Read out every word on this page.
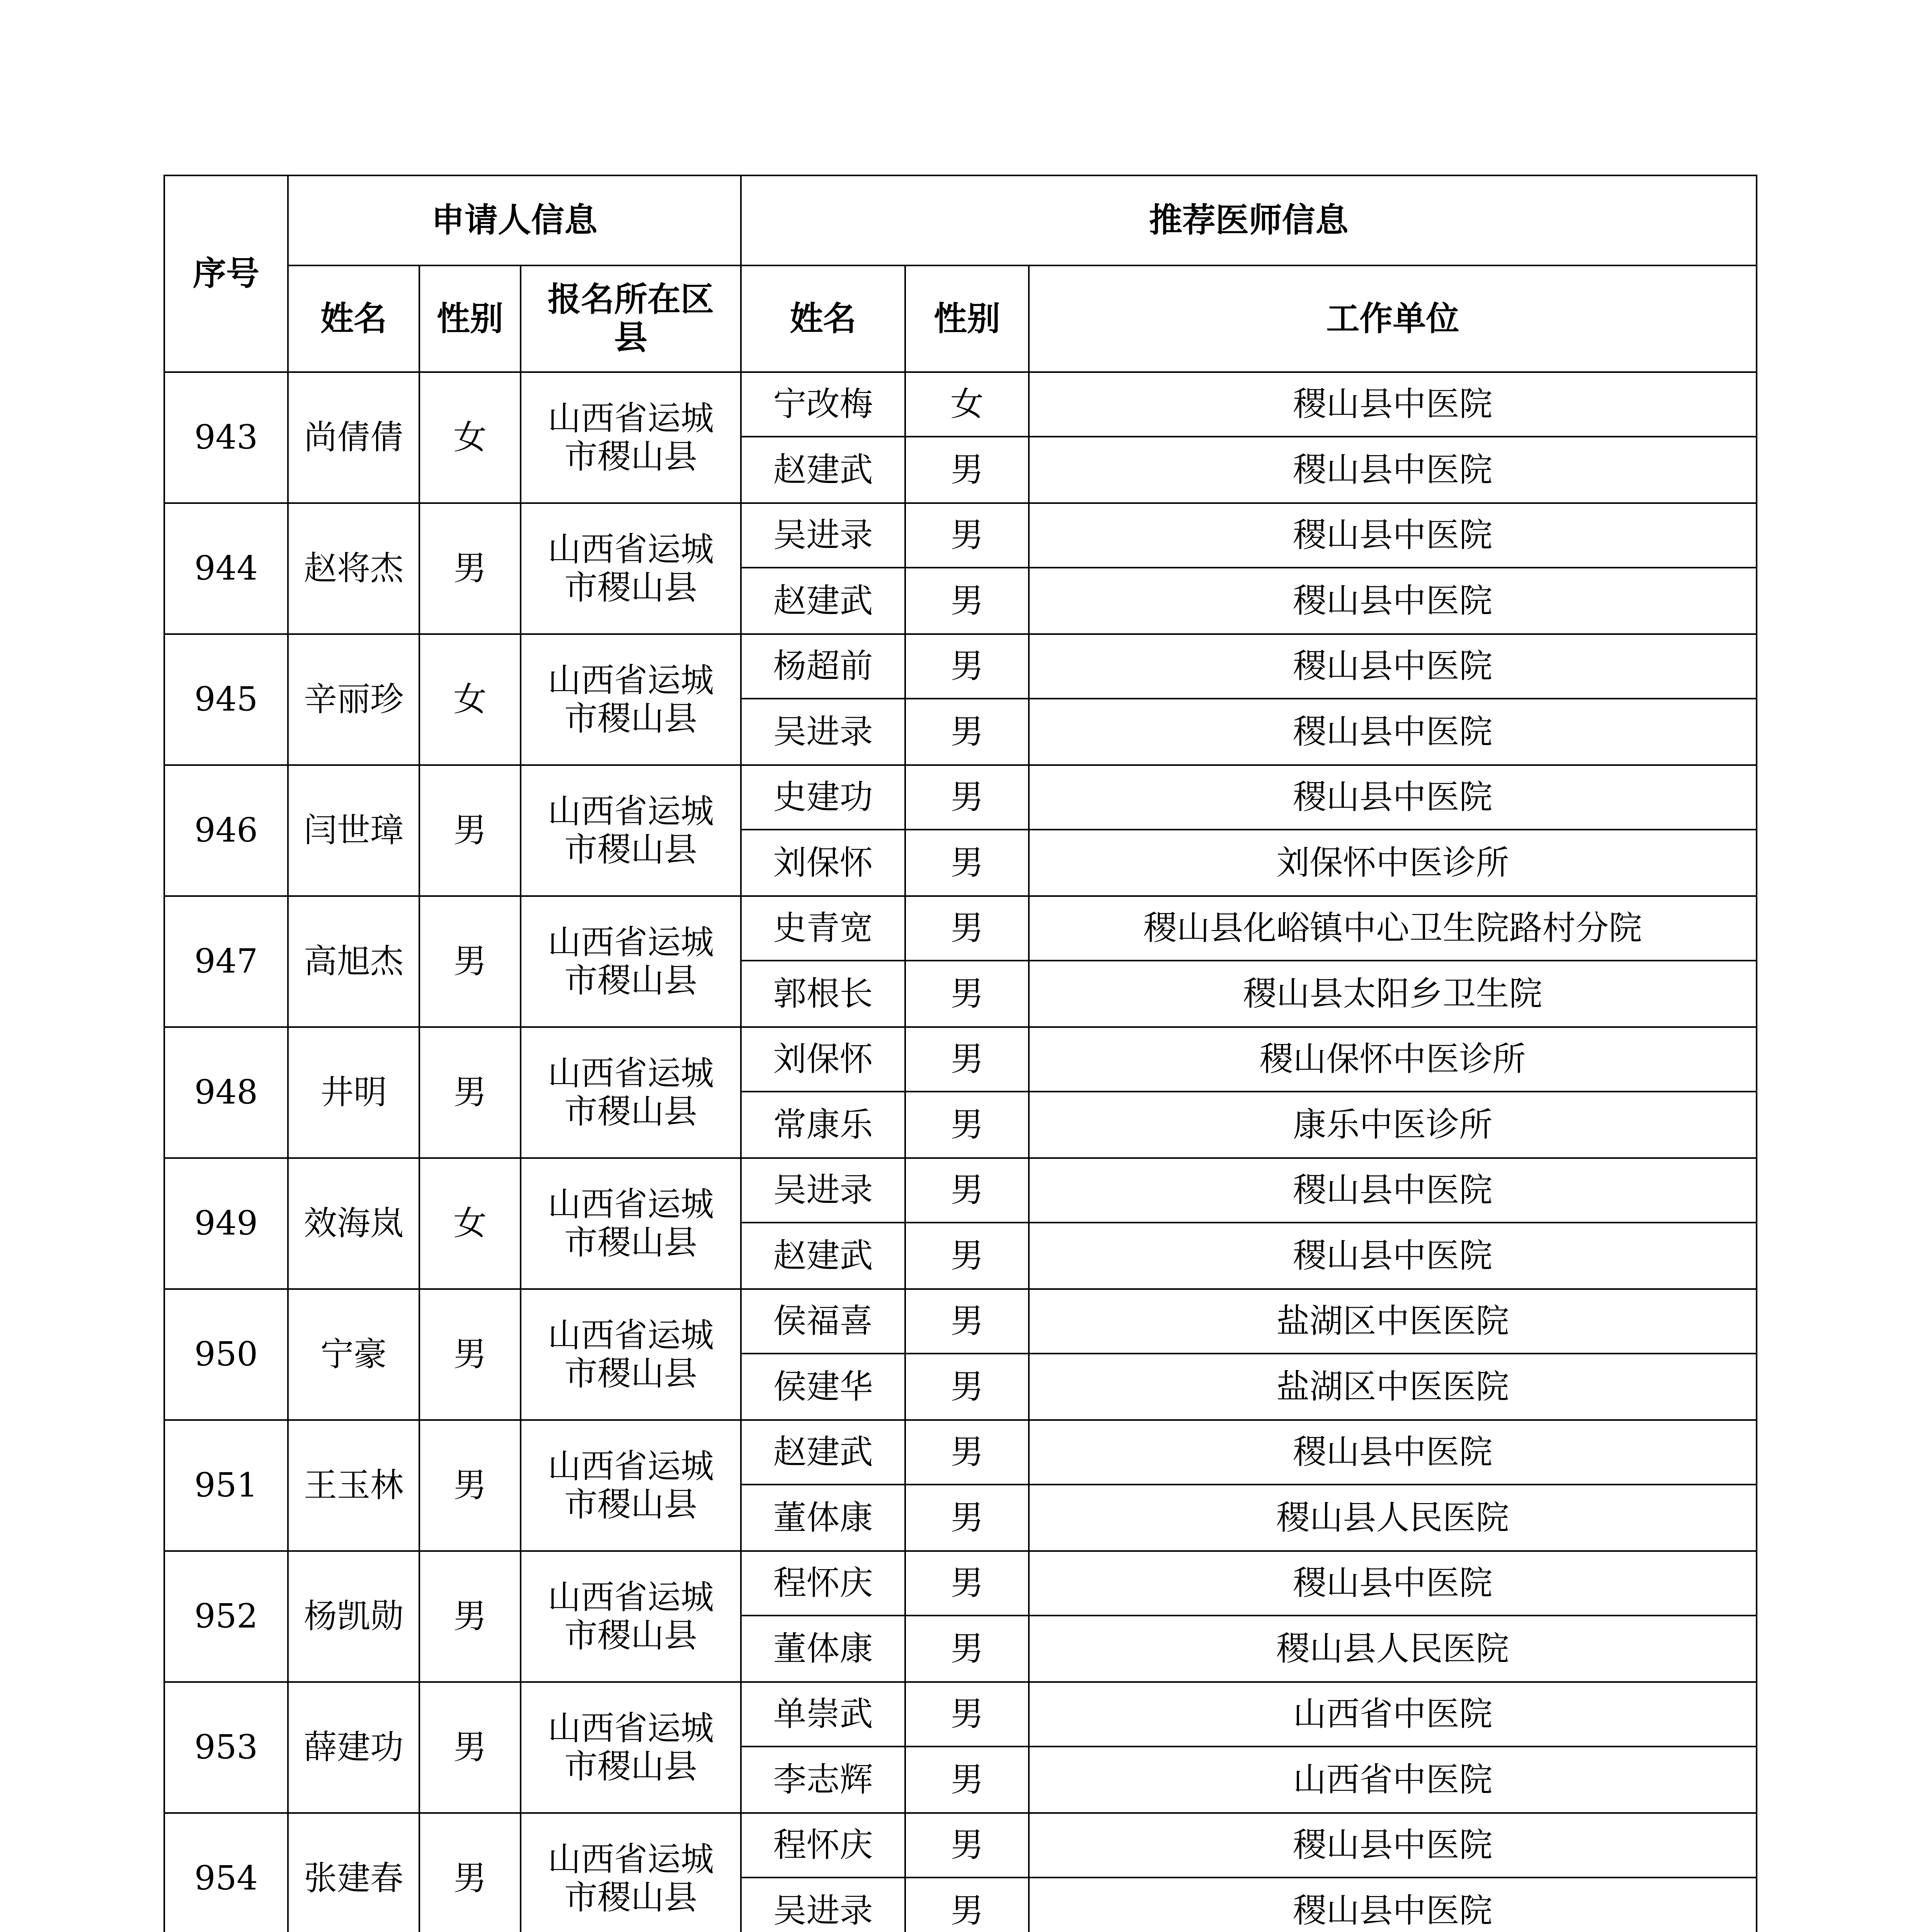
序号	申请人信息			推荐医师信息		
	姓名	性别	报名所在区县	姓名	性别	工作单位
943	尚倩倩	女	山西省运城市稷山县	宁改梅	女	稷山县中医院
				赵建武	男	稷山县中医院
944	赵将杰	男	山西省运城市稷山县	吴进录	男	稷山县中医院
				赵建武	男	稷山县中医院
945	辛丽珍	女	山西省运城市稷山县	杨超前	男	稷山县中医院
				吴进录	男	稷山县中医院
946	闫世璋	男	山西省运城市稷山县	史建功	男	稷山县中医院
				刘保怀	男	刘保怀中医诊所
947	高旭杰	男	山西省运城市稷山县	史青宽	男	稷山县化峪镇中心卫生院路村分院
				郭根长	男	稷山县太阳乡卫生院
948	井明	男	山西省运城市稷山县	刘保怀	男	稷山保怀中医诊所
				常康乐	男	康乐中医诊所
949	效海岚	女	山西省运城市稷山县	吴进录	男	稷山县中医院
				赵建武	男	稷山县中医院
950	宁豪	男	山西省运城市稷山县	侯福喜	男	盐湖区中医医院
				侯建华	男	盐湖区中医医院
951	王玉林	男	山西省运城市稷山县	赵建武	男	稷山县中医院
				董体康	男	稷山县人民医院
952	杨凯勋	男	山西省运城市稷山县	程怀庆	男	稷山县中医院
				董体康	男	稷山县人民医院
953	薛建功	男	山西省运城市稷山县	单崇武	男	山西省中医院
				李志辉	男	山西省中医院
954	张建春	男	山西省运城市稷山县	程怀庆	男	稷山县中医院
				吴进录	男	稷山县中医院
